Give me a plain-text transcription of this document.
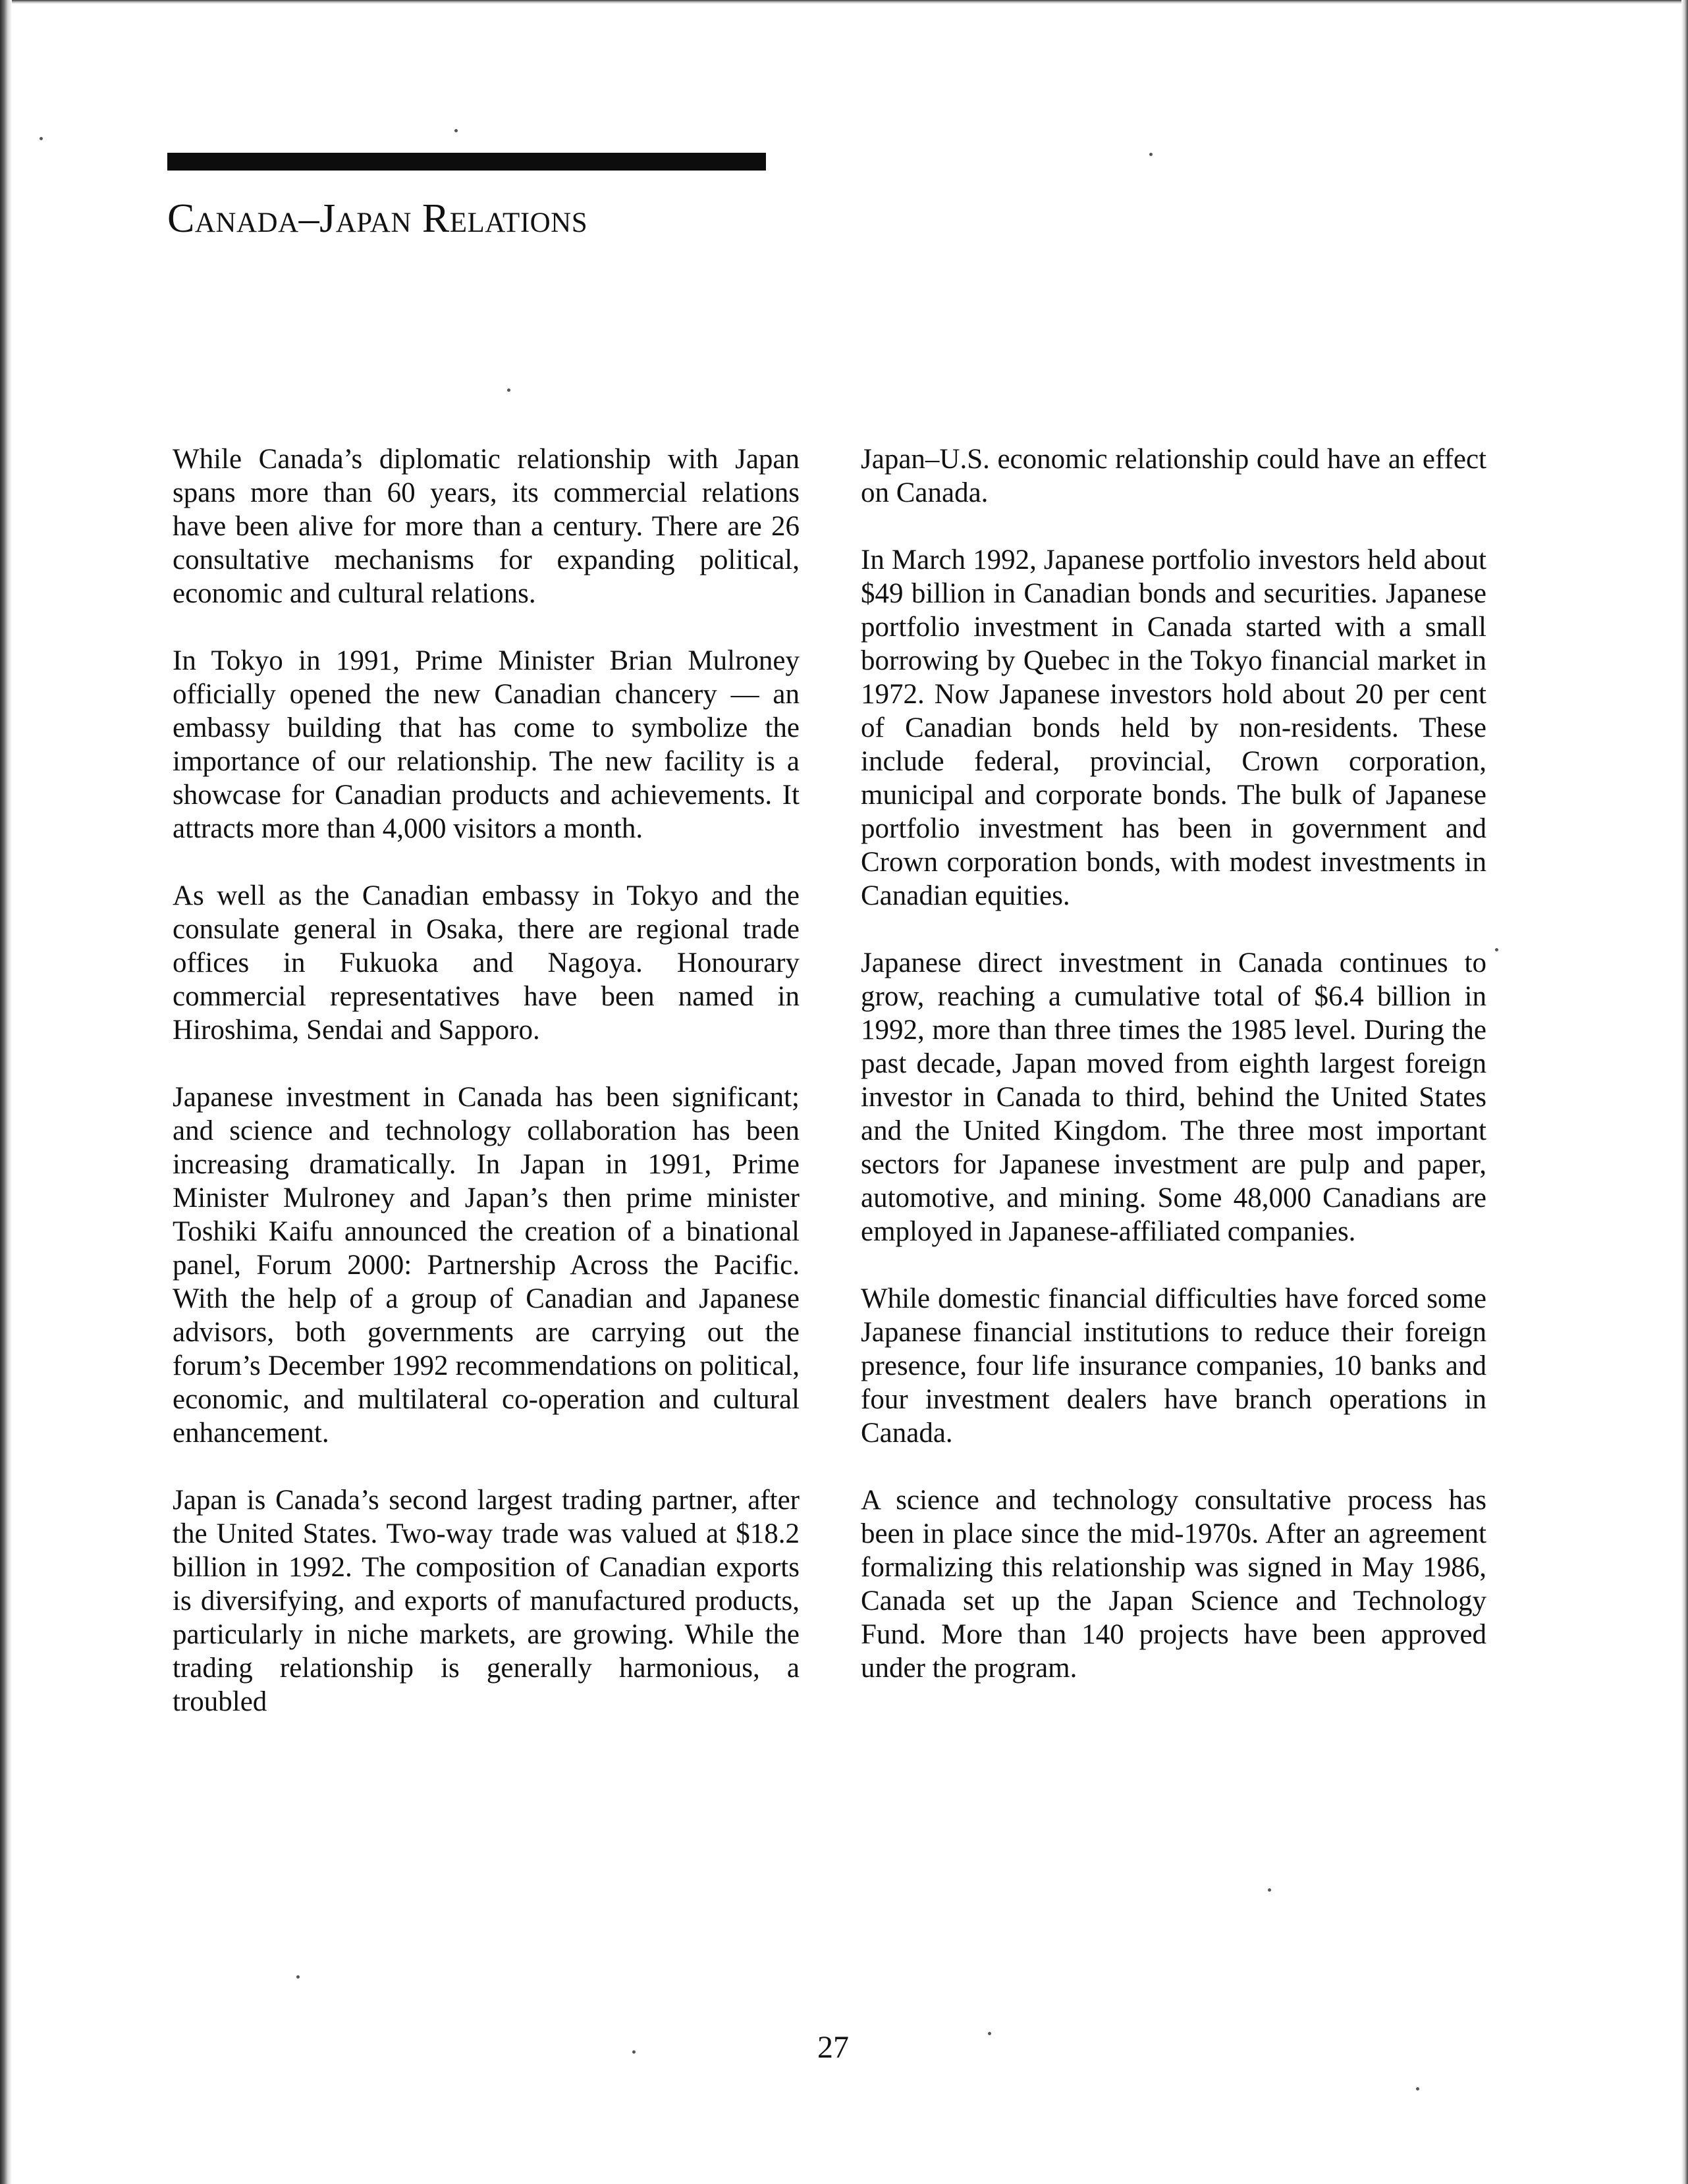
Canada–Japan Relations

While Canada’s diplomatic relationship with Japan spans more than 60 years, its commercial relations have been alive for more than a century. There are 26 consultative mechanisms for expanding political, economic and cultural relations.

In Tokyo in 1991, Prime Minister Brian Mulroney officially opened the new Canadian chancery — an embassy building that has come to symbolize the importance of our relationship. The new facility is a showcase for Canadian products and achievements. It attracts more than 4,000 visitors a month.

As well as the Canadian embassy in Tokyo and the consulate general in Osaka, there are regional trade offices in Fukuoka and Nagoya. Honourary commercial representatives have been named in Hiroshima, Sendai and Sapporo.

Japanese investment in Canada has been significant; and science and technology collaboration has been increasing dramatically. In Japan in 1991, Prime Minister Mulroney and Japan’s then prime minister Toshiki Kaifu announced the creation of a binational panel, Forum 2000: Partnership Across the Pacific. With the help of a group of Canadian and Japanese advisors, both governments are carrying out the forum’s December 1992 recommendations on political, economic, and multilateral co-operation and cultural enhancement.

Japan is Canada’s second largest trading partner, after the United States. Two-way trade was valued at $18.2 billion in 1992. The composition of Canadian exports is diversifying, and exports of manufactured products, particularly in niche markets, are growing. While the trading relationship is generally harmonious, a troubled

Japan–U.S. economic relationship could have an effect on Canada.

In March 1992, Japanese portfolio investors held about $49 billion in Canadian bonds and securities. Japanese portfolio investment in Canada started with a small borrowing by Quebec in the Tokyo financial market in 1972. Now Japanese investors hold about 20 per cent of Canadian bonds held by non-residents. These include federal, provincial, Crown corporation, municipal and corporate bonds. The bulk of Japanese portfolio investment has been in government and Crown corporation bonds, with modest investments in Canadian equities.

Japanese direct investment in Canada continues to grow, reaching a cumulative total of $6.4 billion in 1992, more than three times the 1985 level. During the past decade, Japan moved from eighth largest foreign investor in Canada to third, behind the United States and the United Kingdom. The three most important sectors for Japanese investment are pulp and paper, automotive, and mining. Some 48,000 Canadians are employed in Japanese-affiliated companies.

While domestic financial difficulties have forced some Japanese financial institutions to reduce their foreign presence, four life insurance companies, 10 banks and four investment dealers have branch operations in Canada.

A science and technology consultative process has been in place since the mid-1970s. After an agreement formalizing this relationship was signed in May 1986, Canada set up the Japan Science and Technology Fund. More than 140 projects have been approved under the program.

27
